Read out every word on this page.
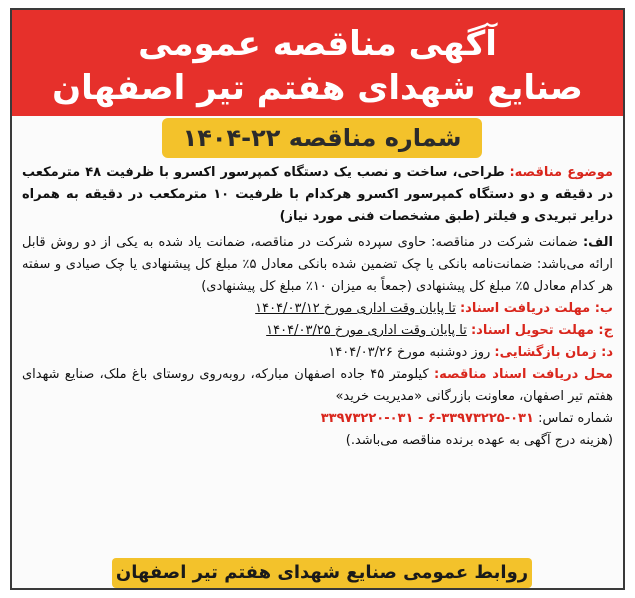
آگهی مناقصه عمومی
صنایع شهدای هفتم تیر اصفهان
شماره مناقصه ۲۲-۱۴۰۴

موضوع مناقصه: طراحی، ساخت و نصب یک دستگاه کمپرسور اکسرو با ظرفیت ۴۸ مترمکعب در دقیقه و دو دستگاه کمپرسور اکسرو هرکدام با ظرفیت ۱۰ مترمکعب در دقیقه به همراه درایر تبریدی و فیلتر (طبق مشخصات فنی مورد نیاز)

الف: ضمانت شرکت در مناقصه: حاوی سپرده شرکت در مناقصه، ضمانت یاد شده به یکی از دو روش قابل ارائه می‌باشد: ضمانت‌نامه بانکی یا چک تضمین شده بانکی معادل ۵٪ مبلغ کل پیشنهادی یا چک صیادی و سفته هر کدام معادل ۵٪ مبلغ کل پیشنهادی (جمعاً به میزان ۱۰٪ مبلغ کل پیشنهادی)

ب: مهلت دریافت اسناد: تا پایان وقت اداری مورخ ۱۴۰۴/۰۳/۱۲

ج: مهلت تحویل اسناد: تا پایان وقت اداری مورخ ۱۴۰۴/۰۳/۲۵

د: زمان بازگشایی: روز دوشنبه مورخ ۱۴۰۴/۰۳/۲۶

محل دریافت اسناد مناقصه: کیلومتر ۴۵ جاده اصفهان مبارکه، روبه‌روی روستای باغ ملک، صنایع شهدای هفتم تیر اصفهان، معاونت بازرگانی «مدیریت خرید»

شماره تماس: ۰۳۱-۳۳۹۷۳۲۲۵-۶ - ۰۳۱-۳۳۹۷۳۲۲۰

(هزینه درج آگهی به عهده برنده مناقصه می‌باشد.)

روابط عمومی صنایع شهدای هفتم تیر اصفهان
